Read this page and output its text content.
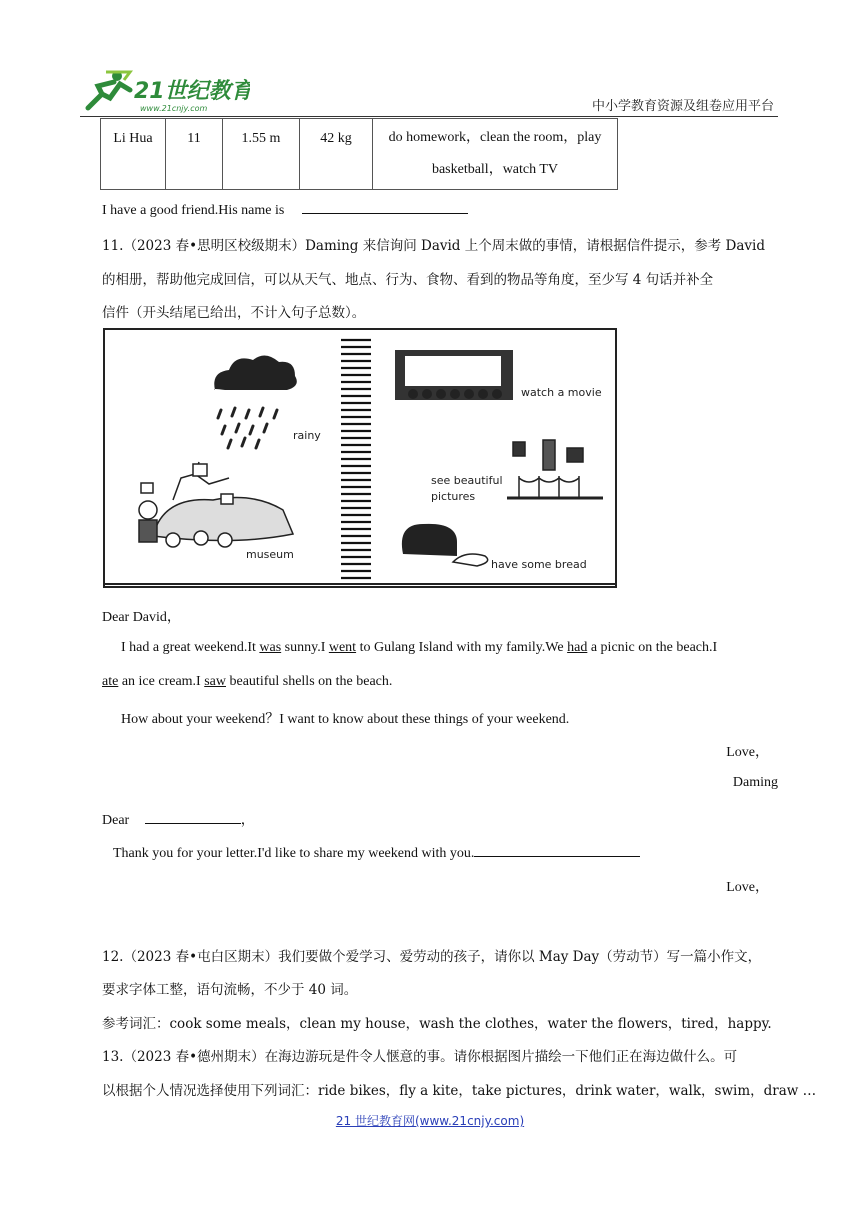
21世纪教育
www.21cnjy.com	中小学教育资源及组卷应用平台
Li Hua	11	1.55 m	42 kg	do homework，clean the room，play
basketball，watch TV
I have a good friend.His name is
11.（2023 春•思明区校级期末）Daming 来信询问 David 上个周末做的事情，请根据信件提示，参考 David
的相册，帮助他完成回信，可以从天气、地点、行为、食物、看到的物品等角度，至少写 4 句话并补全
信件（开头结尾已给出，不计入句子总数）。
rainy
museum
watch a movie
see beautiful
pictures
have some bread
Dear David，
I had a great weekend.It was sunny.I went to Gulang Island with my family.We had a picnic on the beach.I
ate an ice cream.I saw beautiful shells on the beach.
How about your weekend？I want to know about these things of your weekend.
Love，
Daming
Dear	，
Thank you for your letter.I'd like to share my weekend with you.
Love，
12.（2023 春•屯白区期末）我们要做个爱学习、爱劳动的孩子，请你以 May Day（劳动节）写一篇小作文，
要求字体工整，语句流畅，不少于 40 词。
参考词汇：cook some meals，clean my house，wash the clothes，water the flowers，tired，happy.
13.（2023 春•德州期末）在海边游玩是件令人惬意的事。请你根据图片描绘一下他们正在海边做什么。可
以根据个人情况选择使用下列词汇：ride bikes，fly a kite，take pictures，drink water，walk，swim，draw …
21 世纪教育网(www.21cnjy.com)
